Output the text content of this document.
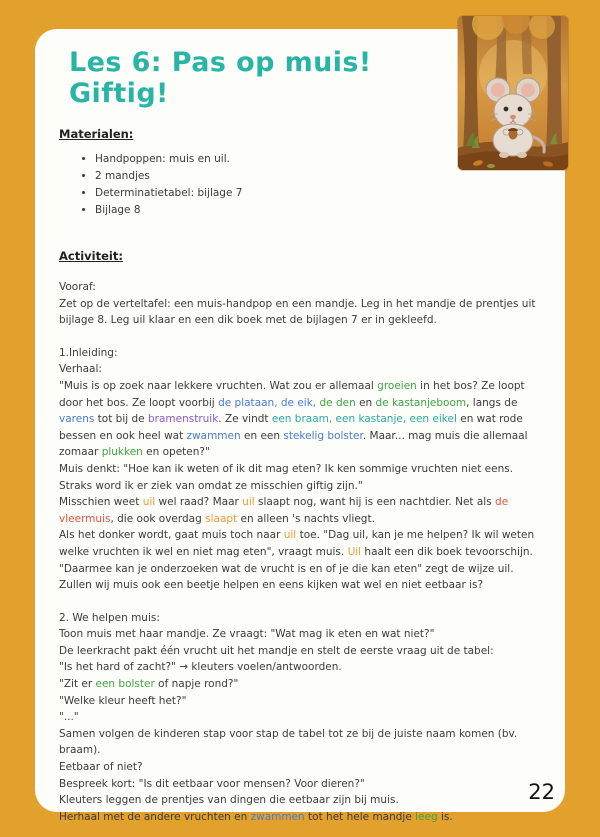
Les 6: Pas op muis! Giftig!
Materialen:
• Handpoppen: muis en uil.
• 2 mandjes
• Determinatietabel: bijlage 7
• Bijlage 8
Activiteit:

Vooraf:

Zet op de verteltafel: een muis-handpop en een mandje. Leg in het mandje de prentjes uit bijlage 8. Leg uil klaar en een dik boek met de bijlagen 7 er in gekleefd.

1.Inleiding:

Verhaal:

"Muis is op zoek naar lekkere vruchten. Wat zou er allemaal groeien in het bos? Ze loopt door het bos. Ze loopt voorbij de plataan, de eik, de den en de kastanjeboom, langs de varens tot bij de bramenstruik. Ze vindt een braam, een kastanje, een eikel en wat rode bessen en ook heel wat zwammen en een stekelig bolster. Maar... mag muis die allemaal zomaar plukken en opeten?"

Muis denkt: "Hoe kan ik weten of ik dit mag eten? Ik ken sommige vruchten niet eens. Straks word ik er ziek van omdat ze misschien giftig zijn."

Misschien weet uil wel raad? Maar uil slaapt nog, want hij is een nachtdier. Net als de vleermuis, die ook overdag slaapt en alleen 's nachts vliegt.

Als het donker wordt, gaat muis toch naar uil toe. "Dag uil, kan je me helpen? Ik wil weten welke vruchten ik wel en niet mag eten", vraagt muis. Uil haalt een dik boek tevoorschijn.

"Daarmee kan je onderzoeken wat de vrucht is en of je die kan eten" zegt de wijze uil.

Zullen wij muis ook een beetje helpen en eens kijken wat wel en niet eetbaar is?

2. We helpen muis:

Toon muis met haar mandje. Ze vraagt: "Wat mag ik eten en wat niet?"

De leerkracht pakt één vrucht uit het mandje en stelt de eerste vraag uit de tabel:

"Is het hard of zacht?" → kleuters voelen/antwoorden.

"Zit er een bolster of napje rond?"

"Welke kleur heeft het?"

"..."

Samen volgen de kinderen stap voor stap de tabel tot ze bij de juiste naam komen (bv. braam).

Eetbaar of niet?

Bespreek kort: "Is dit eetbaar voor mensen? Voor dieren?"

Kleuters leggen de prentjes van dingen die eetbaar zijn bij muis.

Herhaal met de andere vruchten en zwammen tot het hele mandje leeg is.

22
